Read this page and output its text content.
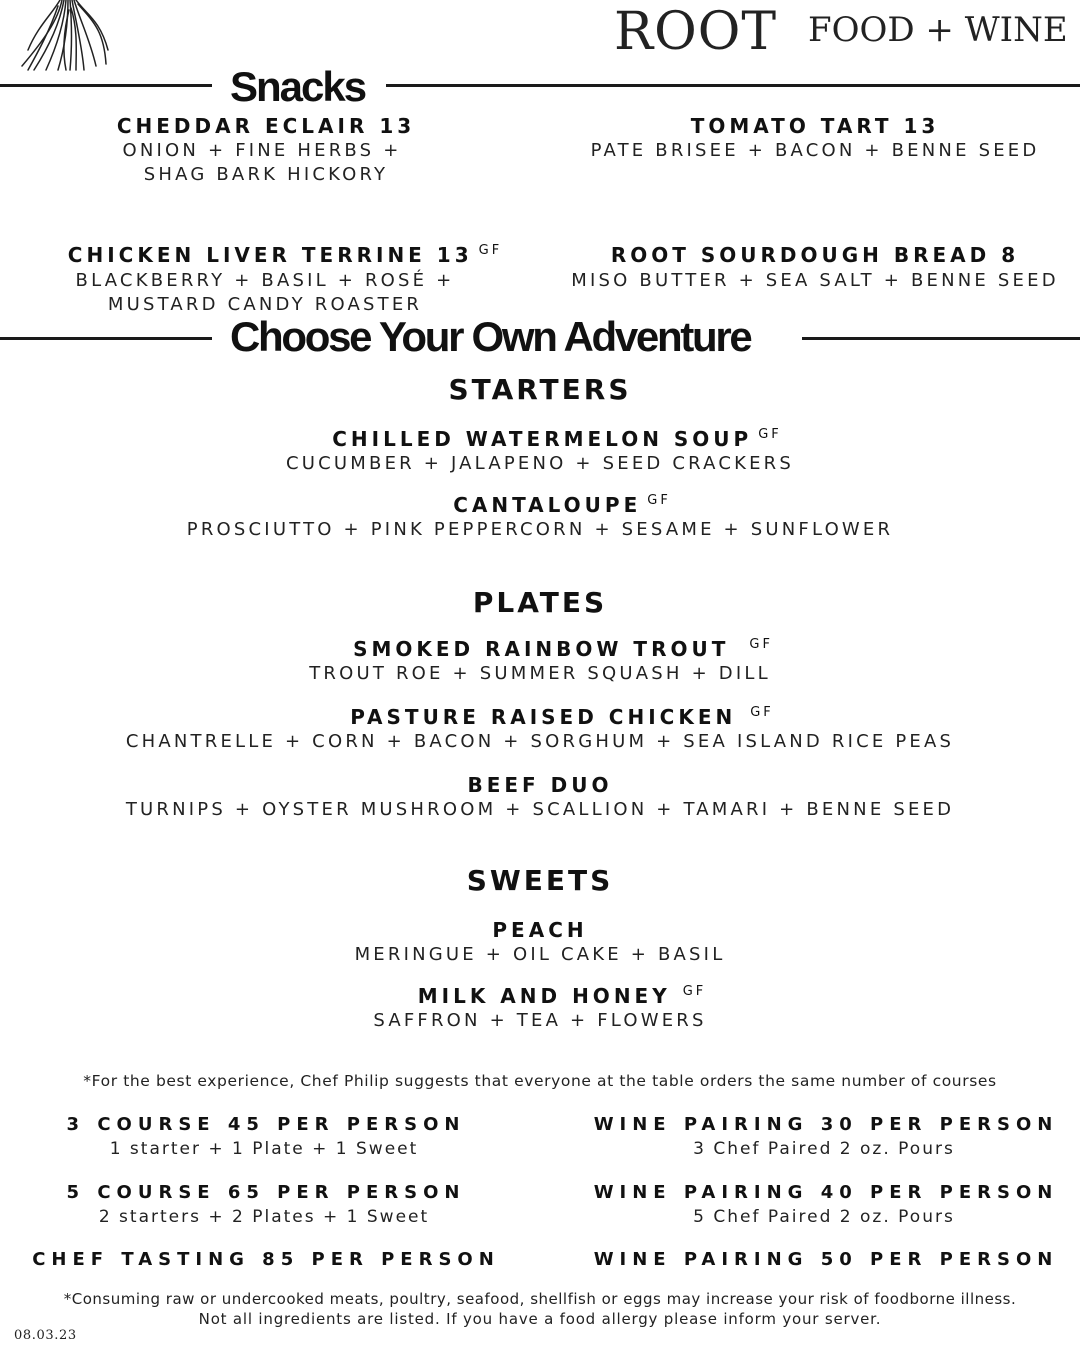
ROOT FOOD + WINE
Snacks
CHEDDAR ECLAIR 13
ONION + FINE HERBS +
SHAG BARK HICKORY
TOMATO TART 13
PATE BRISEE + BACON + BENNE SEED
CHICKEN LIVER TERRINE 13 $^{GF}$
BLACKBERRY + BASIL + ROSÉ +
MUSTARD CANDY ROASTER
ROOT SOURDOUGH BREAD 8
MISO BUTTER + SEA SALT + BENNE SEED
Choose Your Own Adventure
STARTERS
CHILLED WATERMELON SOUP $^{GF}$
CUCUMBER + JALAPENO + SEED CRACKERS
CANTALOUPE $^{GF}$
PROSCIUTTO + PINK PEPPERCORN + SESAME + SUNFLOWER
PLATES
SMOKED RAINBOW TROUT $^{GF}$
TROUT ROE + SUMMER SQUASH + DILL
PASTURE RAISED CHICKEN $^{GF}$
CHANTRELLE + CORN + BACON + SORGHUM + SEA ISLAND RICE PEAS
BEEF DUO
TURNIPS + OYSTER MUSHROOM + SCALLION + TAMARI + BENNE SEED
SWEETS
PEACH
MERINGUE + OIL CAKE + BASIL
MILK AND HONEY $^{GF}$
SAFFRON + TEA + FLOWERS
*For the best experience, Chef Philip suggests that everyone at the table orders the same number of courses
3 COURSE 45 PER PERSON
1 starter + 1 Plate + 1 Sweet
5 COURSE 65 PER PERSON
2 starters + 2 Plates + 1 Sweet
CHEF TASTING 85 PER PERSON
WINE PAIRING 30 PER PERSON
3 Chef Paired 2 oz. Pours
WINE PAIRING 40 PER PERSON
5 Chef Paired 2 oz. Pours
WINE PAIRING 50 PER PERSON
*Consuming raw or undercooked meats, poultry, seafood, shellfish or eggs may increase your risk of foodborne illness.
Not all ingredients are listed. If you have a food allergy please inform your server.
08.03.23
